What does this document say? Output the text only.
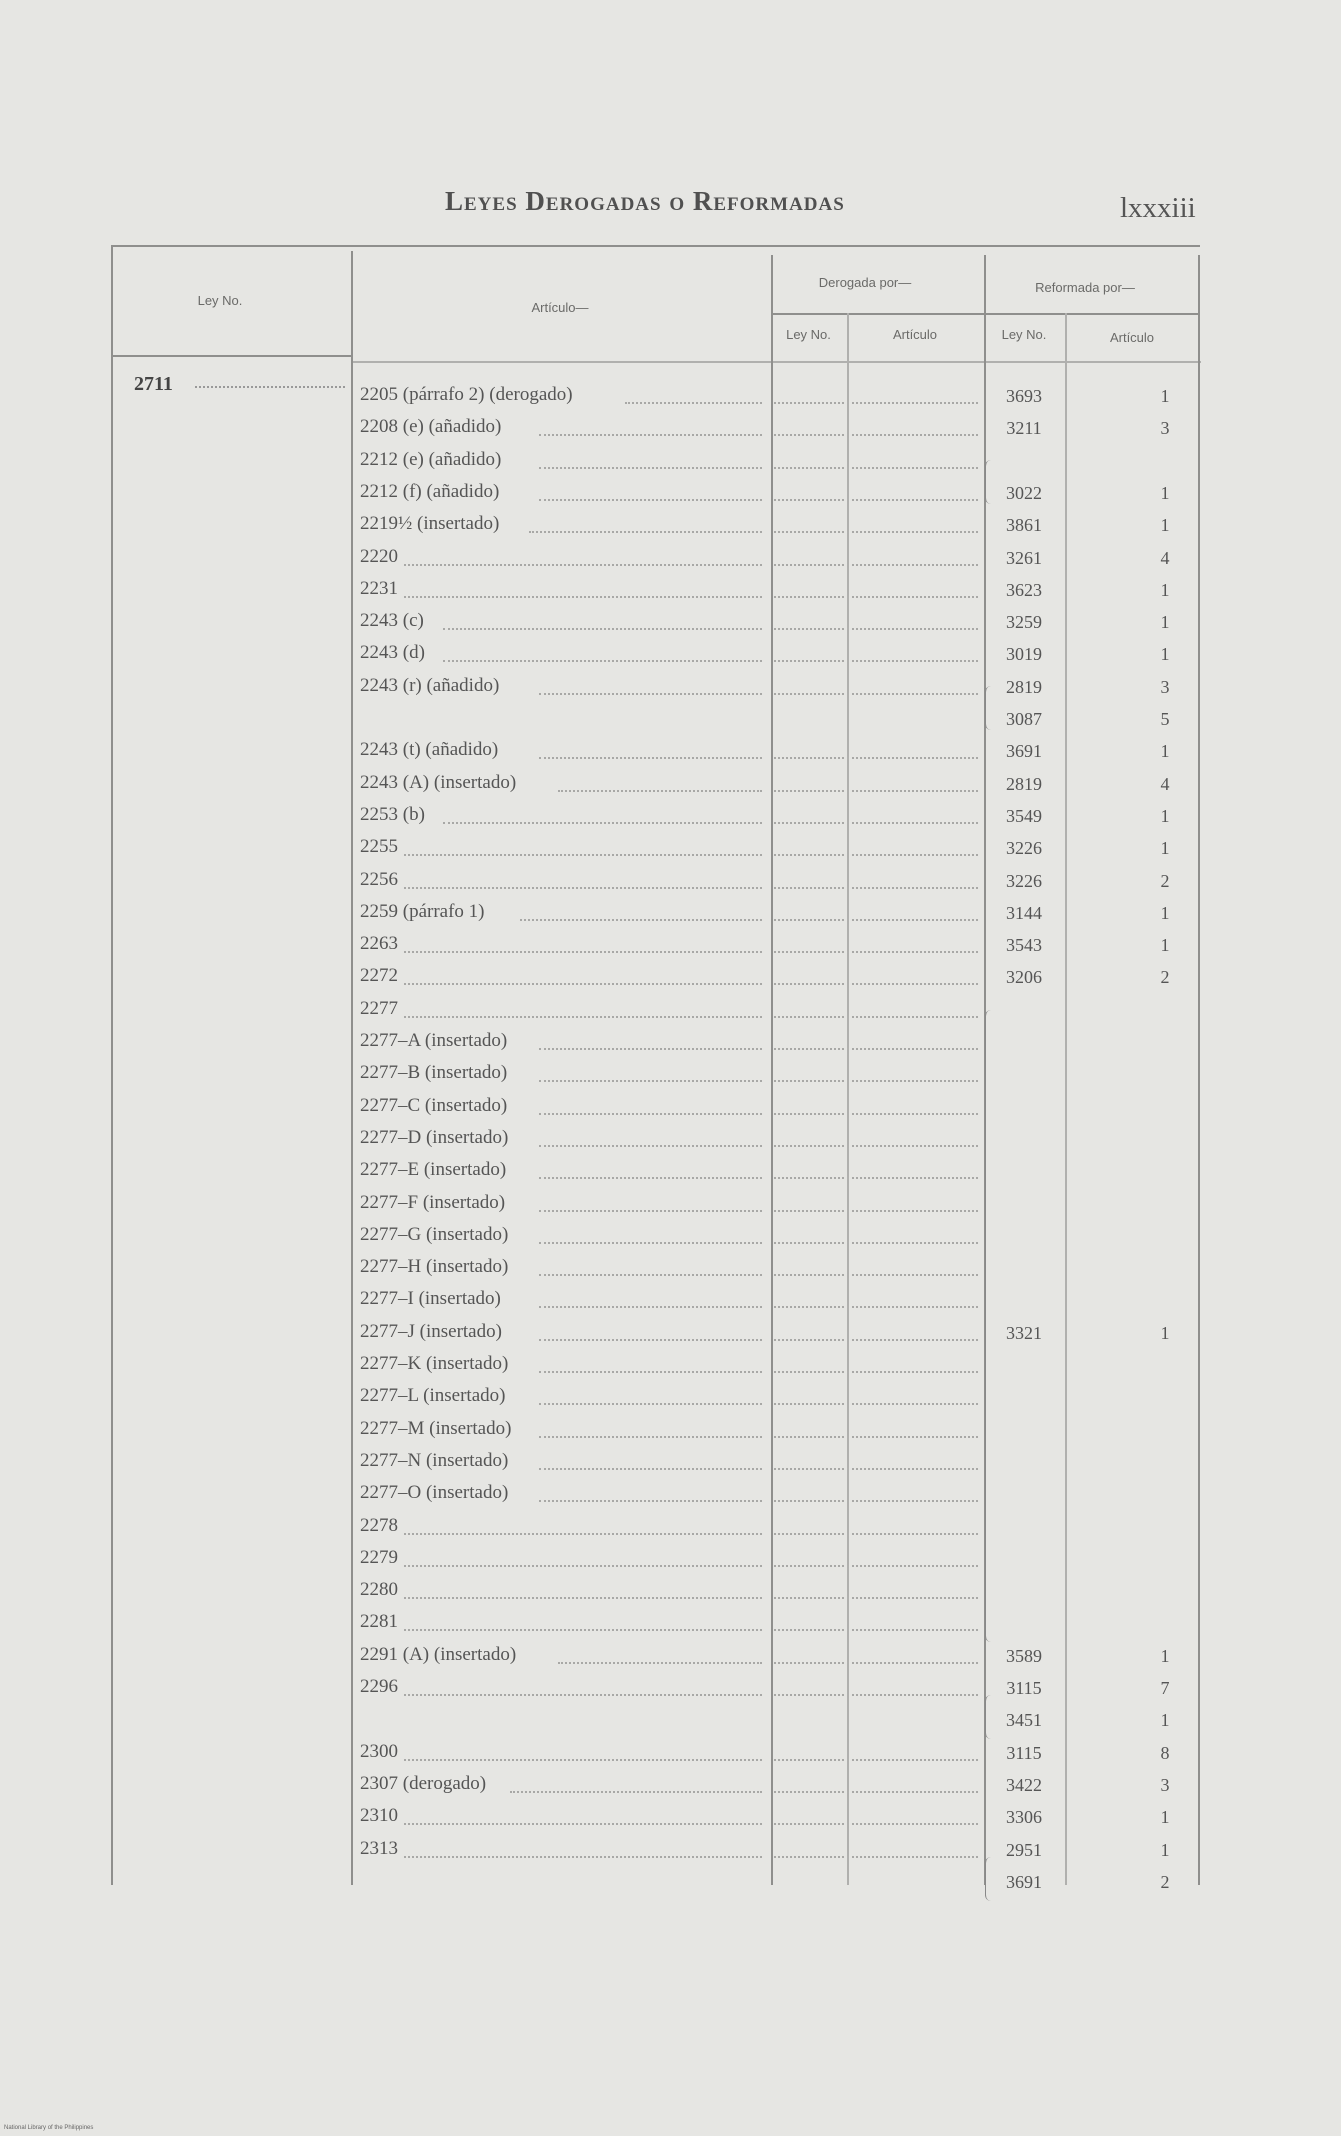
Leyes Derogadas o Reformadas	lxxxiii
Ley No.	Artículo—
Derogada por—	Reformada por—
Ley No.	Artículo	Ley No.	Artículo
2711	2205 (párrafo 2) (derogado)	3693	1
2208 (e) (añadido)	3211	3
2212 (e) (añadido)
2212 (f) (añadido)	3022	1
2219½ (insertado)	3861	1
2220	3261	4
2231	3623	1
2243 (c)	3259	1
2243 (d)	3019	1
2243 (r) (añadido)	2819	3
3087	5
2243 (t) (añadido)	3691	1
2243 (A) (insertado)	2819	4
2253 (b)	3549	1
2255	3226	1
2256	3226	2
2259 (párrafo 1)	3144	1
2263	3543	1
2272	3206	2
2277
2277–A (insertado)
2277–B (insertado)
2277–C (insertado)
2277–D (insertado)
2277–E (insertado)
2277–F (insertado)
2277–G (insertado)
2277–H (insertado)
2277–I (insertado)
2277–J (insertado)	3321	1
2277–K (insertado)
2277–L (insertado)
2277–M (insertado)
2277–N (insertado)
2277–O (insertado)
2278
2279
2280
2281
2291 (A) (insertado)	3589	1
2296	3115	7
3451	1
2300	3115	8
2307 (derogado)	3422	3
2310	3306	1
2313	2951	1
3691	2
National Library of the Philippines
